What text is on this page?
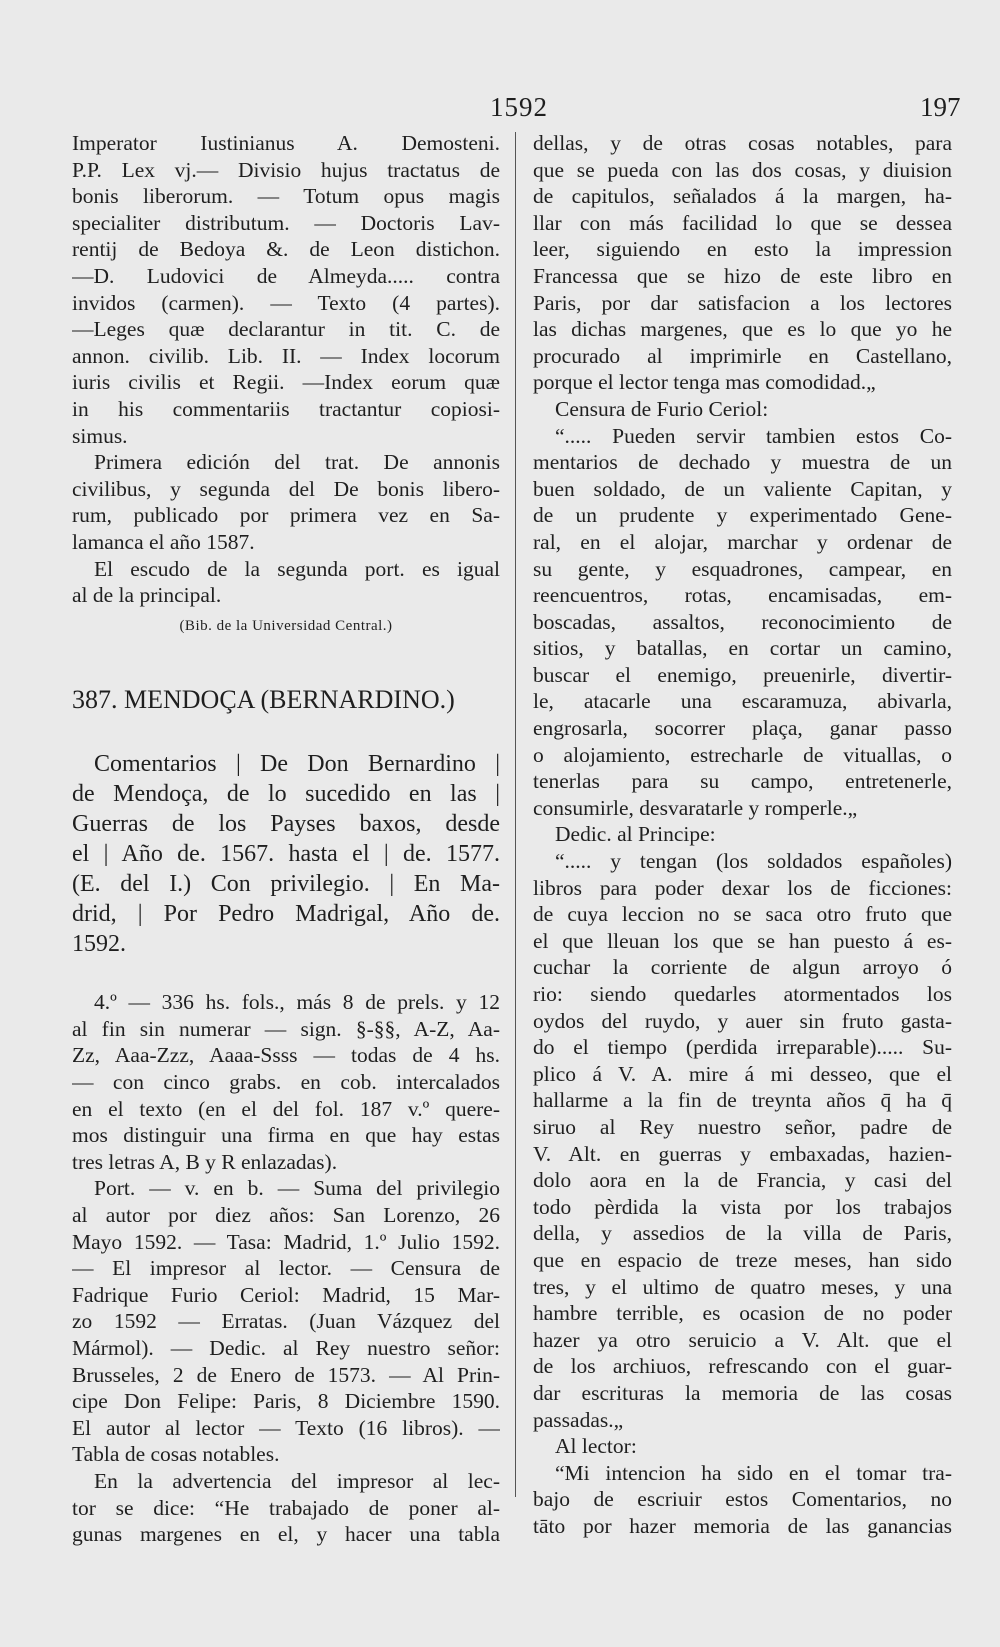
1592	197
Imperator Iustinianus A. Demosteni.
P.P. Lex vj.— Divisio hujus tractatus de
bonis liberorum. — Totum opus magis
specialiter distributum. — Doctoris Lav-
rentij de Bedoya &. de Leon distichon.
—D. Ludovici de Almeyda..... contra
invidos (carmen). — Texto (4 partes).
—Leges quæ declarantur in tit. C. de
annon. civilib. Lib. II. — Index locorum
iuris civilis et Regii. —Index eorum quæ
in his commentariis tractantur copiosi-
simus.
Primera edición del trat. De annonis
civilibus, y segunda del De bonis libero-
rum, publicado por primera vez en Sa-
lamanca el año 1587.
El escudo de la segunda port. es igual
al de la principal.
(Bib. de la Universidad Central.)
387. MENDOÇA (BERNARDINO.)
Comentarios | De Don Bernardino |
de Mendoça, de lo sucedido en las |
Guerras de los Payses baxos, desde
el | Año de. 1567. hasta el | de. 1577.
(E. del I.) Con privilegio. | En Ma-
drid, | Por Pedro Madrigal, Año de.
1592.
4.º — 336 hs. fols., más 8 de prels. y 12
al fin sin numerar — sign. §-§§, A-Z, Aa-
Zz, Aaa-Zzz, Aaaa-Ssss — todas de 4 hs.
— con cinco grabs. en cob. intercalados
en el texto (en el del fol. 187 v.º quere-
mos distinguir una firma en que hay estas
tres letras A, B y R enlazadas).
Port. — v. en b. — Suma del privilegio
al autor por diez años: San Lorenzo, 26
Mayo 1592. — Tasa: Madrid, 1.º Julio 1592.
— El impresor al lector. — Censura de
Fadrique Furio Ceriol: Madrid, 15 Mar-
zo 1592 — Erratas. (Juan Vázquez del
Mármol). — Dedic. al Rey nuestro señor:
Brusseles, 2 de Enero de 1573. — Al Prin-
cipe Don Felipe: Paris, 8 Diciembre 1590.
El autor al lector — Texto (16 libros). —
Tabla de cosas notables.
En la advertencia del impresor al lec-
tor se dice: “He trabajado de poner al-
gunas margenes en el, y hacer una tabla
dellas, y de otras cosas notables, para
que se pueda con las dos cosas, y diuision
de capitulos, señalados á la margen, ha-
llar con más facilidad lo que se dessea
leer, siguiendo en esto la impression
Francessa que se hizo de este libro en
Paris, por dar satisfacion a los lectores
las dichas margenes, que es lo que yo he
procurado al imprimirle en Castellano,
porque el lector tenga mas comodidad.„
Censura de Furio Ceriol:
“..... Pueden servir tambien estos Co-
mentarios de dechado y muestra de un
buen soldado, de un valiente Capitan, y
de un prudente y experimentado Gene-
ral, en el alojar, marchar y ordenar de
su gente, y esquadrones, campear, en
reencuentros, rotas, encamisadas, em-
boscadas, assaltos, reconocimiento de
sitios, y batallas, en cortar un camino,
buscar el enemigo, preuenirle, divertir-
le, atacarle una escaramuza, abivarla,
engrosarla, socorrer plaça, ganar passo
o alojamiento, estrecharle de vituallas, o
tenerlas para su campo, entretenerle,
consumirle, desvaratarle y romperle.„
Dedic. al Principe:
“..... y tengan (los soldados españoles)
libros para poder dexar los de ficciones:
de cuya leccion no se saca otro fruto que
el que lleuan los que se han puesto á es-
cuchar la corriente de algun arroyo ó
rio: siendo quedarles atormentados los
oydos del ruydo, y auer sin fruto gasta-
do el tiempo (perdida irreparable)..... Su-
plico á V. A. mire á mi desseo, que el
hallarme a la fin de treynta años q̄ ha q̄
siruo al Rey nuestro señor, padre de
V. Alt. en guerras y embaxadas, hazien-
dolo aora en la de Francia, y casi del
todo pèrdida la vista por los trabajos
della, y assedios de la villa de Paris,
que en espacio de treze meses, han sido
tres, y el ultimo de quatro meses, y una
hambre terrible, es ocasion de no poder
hazer ya otro seruicio a V. Alt. que el
de los archiuos, refrescando con el guar-
dar escrituras la memoria de las cosas
passadas.„
Al lector:
“Mi intencion ha sido en el tomar tra-
bajo de escriuir estos Comentarios, no
tāto por hazer memoria de las ganancias
